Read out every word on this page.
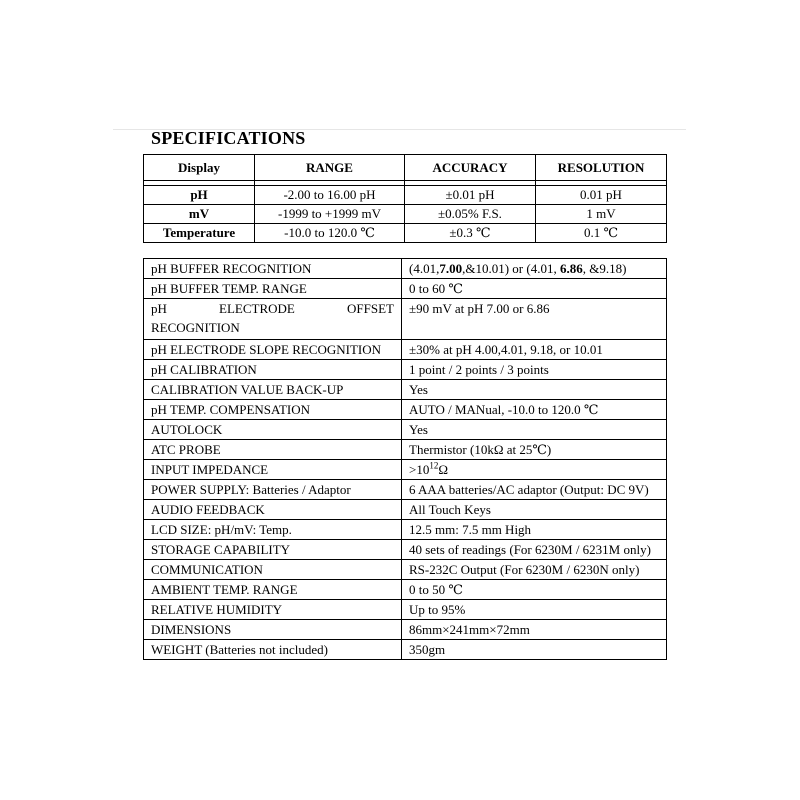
SPECIFICATIONS
Display	RANGE	ACCURACY	RESOLUTION

pH	-2.00 to 16.00 pH	±0.01 pH	0.01 pH
mV	-1999 to +1999 mV	±0.05% F.S.	1 mV
Temperature	-10.0 to 120.0 ℃	±0.3 ℃	0.1 ℃
pH BUFFER RECOGNITION	(4.01,7.00,&10.01) or (4.01, 6.86, &9.18)
pH BUFFER TEMP. RANGE	0 to 60 ℃

pH ELECTRODE OFFSET
RECOGNITION	±90 mV at pH 7.00 or 6.86
pH ELECTRODE SLOPE RECOGNITION	±30% at pH 4.00,4.01, 9.18, or 10.01
pH CALIBRATION	1 point / 2 points / 3 points
CALIBRATION VALUE BACK-UP	Yes
pH TEMP. COMPENSATION	AUTO / MANual, -10.0 to 120.0 ℃
AUTOLOCK	Yes
ATC PROBE	Thermistor (10kΩ at 25℃)
INPUT IMPEDANCE	$>10^{12}\Omega$
POWER SUPPLY: Batteries / Adaptor	6 AAA batteries/AC adaptor (Output: DC 9V)
AUDIO FEEDBACK	All Touch Keys
LCD SIZE: pH/mV: Temp.	12.5 mm: 7.5 mm High
STORAGE CAPABILITY	40 sets of readings (For 6230M / 6231M only)
COMMUNICATION	RS-232C Output (For 6230M / 6230N only)
AMBIENT TEMP. RANGE	0 to 50 ℃
RELATIVE HUMIDITY	Up to 95%
DIMENSIONS	86mm×241mm×72mm
WEIGHT (Batteries not included)	350gm
